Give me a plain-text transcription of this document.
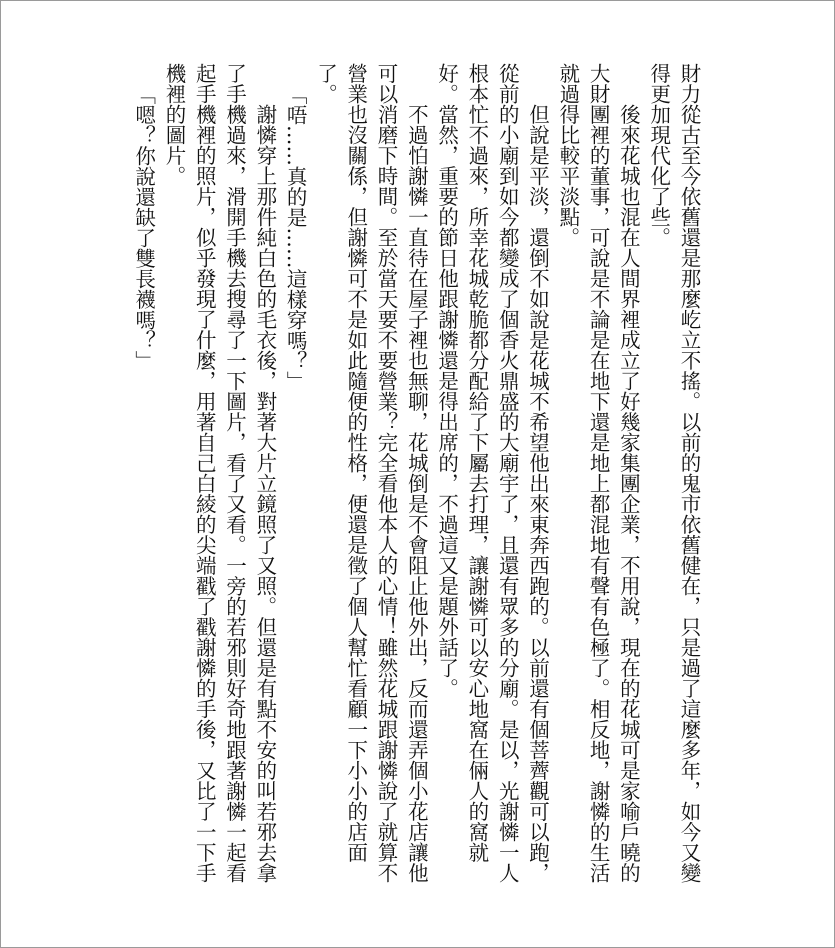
財力從古至今依舊還是那麼屹立不搖。以前的鬼市依舊健在，只是過了這麼多年，如今又變得更加現代化了些。

後來花城也混在人間界裡成立了好幾家集團企業，不用說，現在的花城可是家喻戶曉的大財團裡的董事，可說是不論是在地下還是地上都混地有聲有色極了。相反地，謝憐的生活就過得比較平淡點。

但說是平淡，還倒不如說是花城不希望他出來東奔西跑的。以前還有個菩薺觀可以跑，從前的小廟到如今都變成了個香火鼎盛的大廟宇了，且還有眾多的分廟。是以，光謝憐一人根本忙不過來，所幸花城乾脆都分配給了下屬去打理，讓謝憐可以安心地窩在倆人的窩就好。當然，重要的節日他跟謝憐還是得出席的，不過這又是題外話了。

不過怕謝憐一直待在屋子裡也無聊，花城倒是不會阻止他外出，反而還弄個小花店讓他可以消磨下時間。至於當天要不要營業？完全看他本人的心情！雖然花城跟謝憐說了就算不營業也沒關係，但謝憐可不是如此隨便的性格，便還是徵了個人幫忙看顧一下小小的店面了。

「唔……真的是……這樣穿嗎？」

謝憐穿上那件純白色的毛衣後，對著大片立鏡照了又照。但還是有點不安的叫若邪去拿了手機過來，滑開手機去搜尋了一下圖片，看了又看。一旁的若邪則好奇地跟著謝憐一起看起手機裡的照片，似乎發現了什麼，用著自己白綾的尖端戳了戳謝憐的手後，又比了一下手機裡的圖片。

「嗯？你說還缺了雙長襪嗎？」
